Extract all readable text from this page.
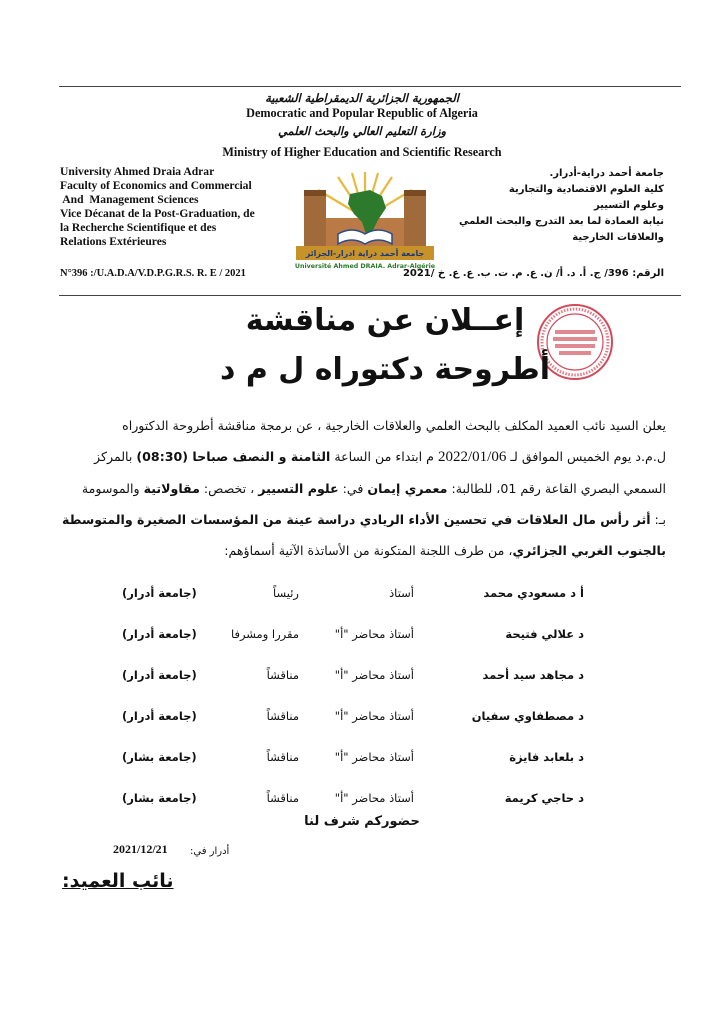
الجمهورية الجزائرية الديمقراطية الشعبية
Democratic and Popular Republic of Algeria
وزارة التعليم العالي والبحث العلمي
Ministry of Higher Education and Scientific Research
University Ahmed Draia Adrar
Faculty of Economics and Commercial
And  Management Sciences
Vice Décanat de la Post-Graduation, de
la Recherche Scientifique et des
Relations Extérieures
N°396 :/U.A.D.A/V.D.P.G.R.S. R. E / 2021
جامعة أحمد دراية-أدرار.
كلية العلوم الاقتصادية والتجارية
وعلوم التسيير
نيابة العمادة لما بعد التدرج والبحث العلمي
والعلاقات الخارجية
الرقم: 396/ ج. أ. د. أ/ ن. ع. م. ت. ب. ع. ع. خ /2021
جامعة أحمد دراية ادرار-الجزائر
Université Ahmed DRAIA. Adrar-Algérie
إعــلان عن مناقشة
أطروحة دكتوراه ل م د
يعلن السيد نائب العميد المكلف بالبحث العلمي والعلاقات الخارجية ، عن برمجة مناقشة أطروحة الدكتوراه
ل.م.د يوم الخميس الموافق لـ 2022/01/06 م ابتداء من الساعة الثامنة و النصف صباحا (08:30) بالمركز
السمعي البصري القاعة رقم 01، للطالبة: معمري إيمان في: علوم التسيير ، تخصص: مقاولاتية والموسومة
بـ: أثر رأس مال العلاقات في تحسين الأداء الريادي دراسة عينة من المؤسسات الصغيرة والمتوسطة بالجنوب الغربي الجزائري، من طرف اللجنة المتكونة من الأساتذة الآتية أسماؤهم:
أ د مسعودي محمد
أستاذ
رئيساً
(جامعة أدرار)
د علالي فتيحة
أستاذ محاضر "أ"
مقررا ومشرفا
(جامعة أدرار)
د مجاهد سيد أحمد
أستاذ محاضر "أ"
مناقشاً
(جامعة أدرار)
د مصطفاوي سفيان
أستاذ محاضر "أ"
مناقشاً
(جامعة أدرار)
د بلعابد فايزة
أستاذ محاضر "أ"
مناقشاً
(جامعة بشار)
د حاجي كريمة
أستاذ محاضر "أ"
مناقشاً
(جامعة بشار)
حضوركم شرف لنا
أدرار في:
2021/12/21
نائب العميد:
